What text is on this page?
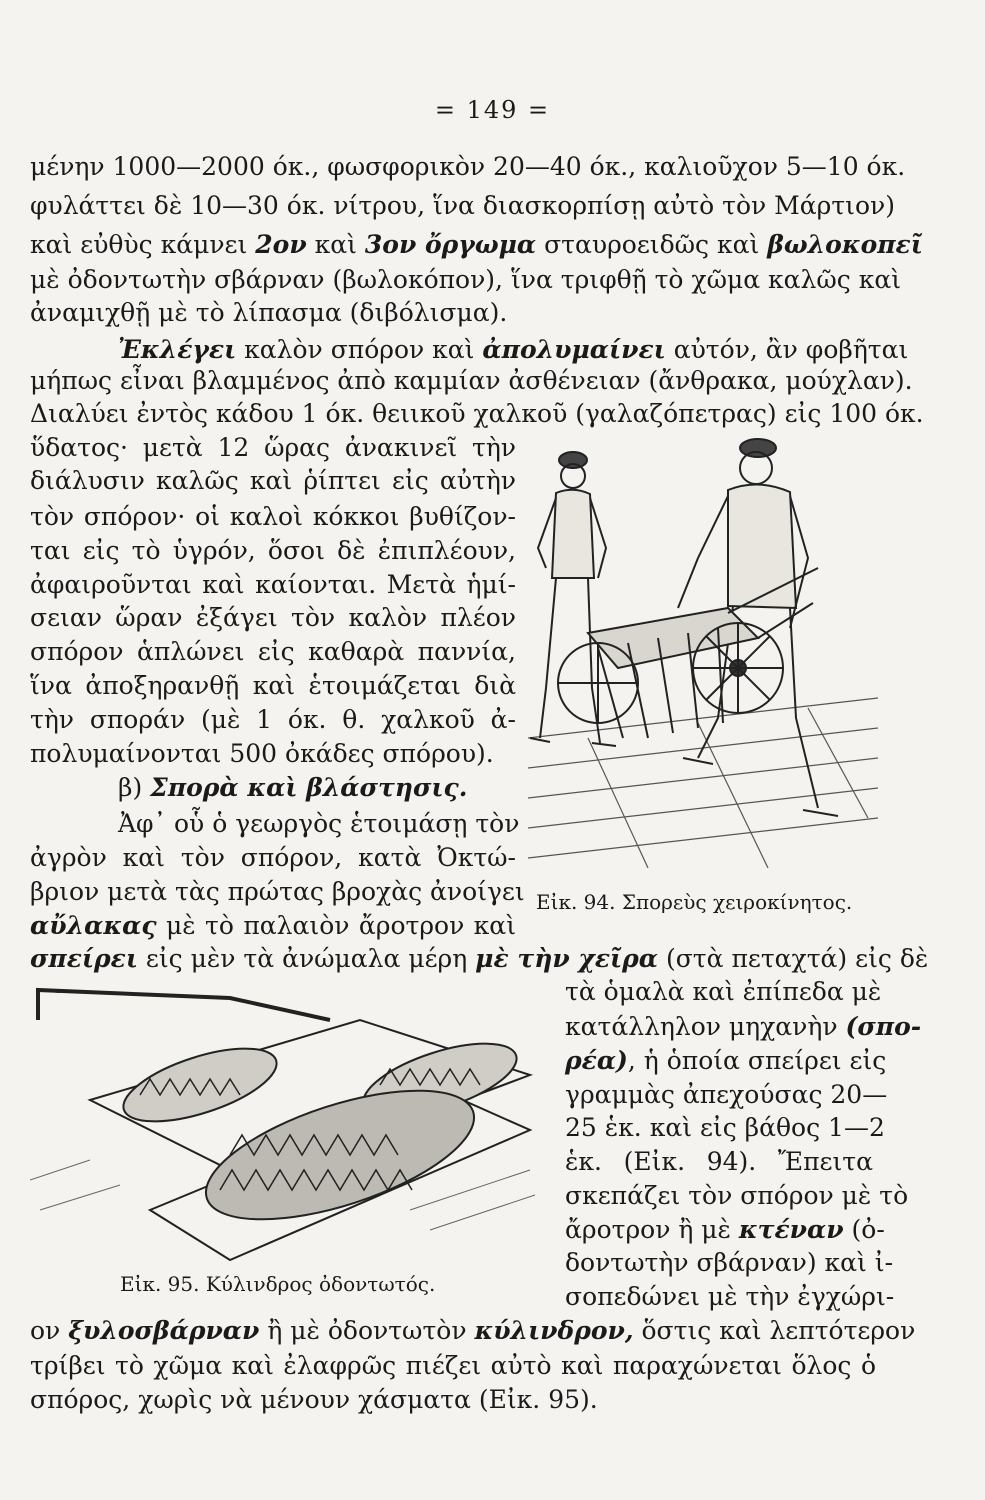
= 149 =
μένην 1000—2000 όκ., φωσφορικὸν 20—40 όκ., καλιοῦχον 5—10 όκ.
φυλάττει δὲ 10—30 όκ. νίτρου, ἵνα διασκορπίσῃ αὐτὸ τὸν Μάρτιον)
καὶ εὐθὺς κάμνει 2ον καὶ 3ον ὄργωμα σταυροειδῶς καὶ βωλοκοπεῖ
μὲ ὀδοντωτὴν σβάρναν (βωλοκόπον), ἵνα τριφθῇ τὸ χῶμα καλῶς καὶ
ἀναμιχθῇ μὲ τὸ λίπασμα (διβόλισμα).
Ἐκλέγει καλὸν σπόρον καὶ ἀπολυμαίνει αὐτόν, ἂν φοβῆται
μήπως εἶναι βλαμμένος ἀπὸ καμμίαν ἀσθένειαν (ἄνθρακα, μούχλαν).
Διαλύει ἐντὸς κάδου 1 όκ. θειικοῦ χαλκοῦ (γαλαζόπετρας) εἰς 100 όκ.
ὕδατος· μετὰ 12 ὥρας ἀνακινεῖ τὴν
διάλυσιν καλῶς καὶ ῥίπτει εἰς αὐτὴν
τὸν σπόρον· οἱ καλοὶ κόκκοι βυθίζον-
ται εἰς τὸ ὑγρόν, ὅσοι δὲ ἐπιπλέουν,
ἀφαιροῦνται καὶ καίονται. Μετὰ ἡμί-
σειαν ὥραν ἐξάγει τὸν καλὸν πλέον
σπόρον ἁπλώνει εἰς καθαρὰ παννία,
ἵνα ἀποξηρανθῇ καὶ ἑτοιμάζεται διὰ
τὴν σποράν (μὲ 1 όκ. θ. χαλκοῦ ἀ-
πολυμαίνονται 500 ὀκάδες σπόρου).
β) Σπορὰ καὶ βλάστησις.
Ἀφ᾽ οὗ ὁ γεωργὸς ἑτοιμάσῃ τὸν
ἀγρὸν καὶ τὸν σπόρον, κατὰ Ὀκτώ-
βριον μετὰ τὰς πρώτας βροχὰς ἀνοίγει
αὔλακας μὲ τὸ παλαιὸν ἄροτρον καὶ
σπείρει εἰς μὲν τὰ ἀνώμαλα μέρη μὲ τὴν χεῖρα (στὰ πεταχτά) εἰς δὲ
τὰ ὁμαλὰ καὶ ἐπίπεδα μὲ
κατάλληλον μηχανὴν (σπο-
ρέα), ἡ ὁποία σπείρει εἰς
γραμμὰς ἀπεχούσας 20—
25 ἑκ. καὶ εἰς βάθος 1—2
ἑκ. (Εἰκ. 94). Ἔπειτα
σκεπάζει τὸν σπόρον μὲ τὸ
ἄροτρον ἢ μὲ κτέναν (ὀ-
δοντωτὴν σβάρναν) καὶ ἰ-
σοπεδώνει μὲ τὴν ἐγχώρι-
ον ξυλοσβάρναν ἢ μὲ ὀδοντωτὸν κύλινδρον, ὅστις καὶ λεπτότερον
τρίβει τὸ χῶμα καὶ ἐλαφρῶς πιέζει αὐτὸ καὶ παραχώνεται ὅλος ὁ
σπόρος, χωρὶς νὰ μένουν χάσματα (Εἰκ. 95).
Εἰκ. 94. Σπορεὺς χειροκίνητος.
Εἰκ. 95. Κύλινδρος ὀδοντωτός.
